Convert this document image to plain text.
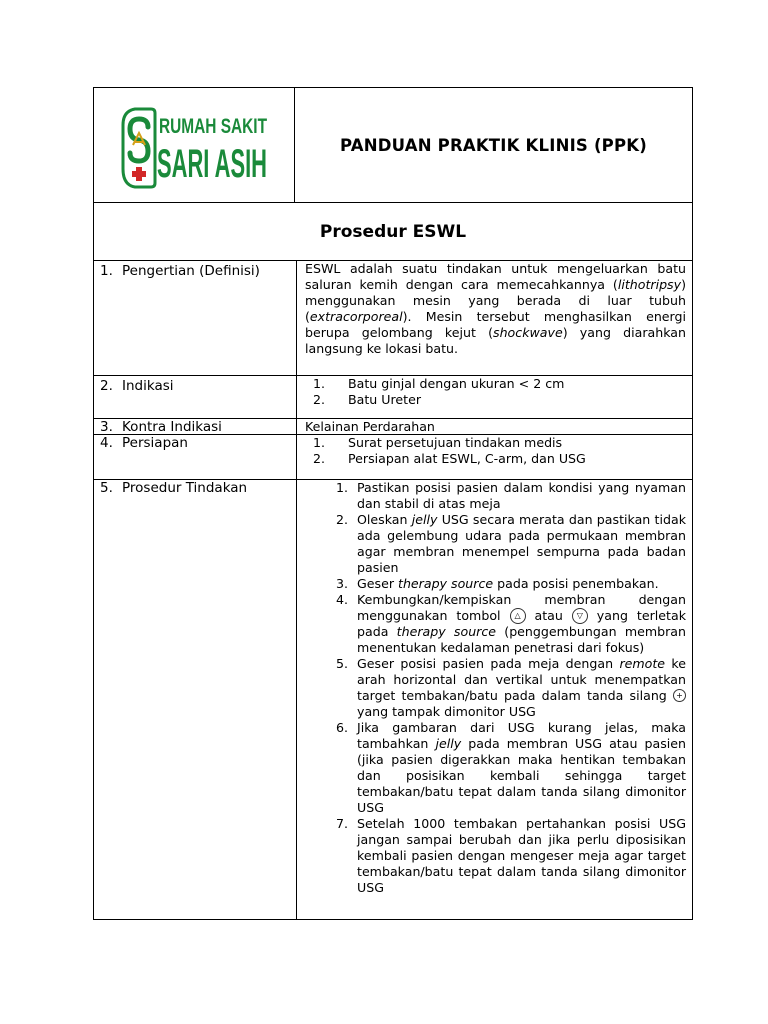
RUMAH SAKIT
SARI ASIH	PANDUAN PRAKTIK KLINIS (PPK)
Prosedur ESWL
1. Pengertian (Definisi)	ESWL adalah suatu tindakan untuk mengeluarkan batu saluran kemih dengan cara memecahkannya (lithotripsy) menggunakan mesin yang berada di luar tubuh (extracorporeal). Mesin tersebut menghasilkan energi berupa gelombang kejut (shockwave) yang diarahkan langsung ke lokasi batu.
2. Indikasi	1.	Batu ginjal dengan ukuran < 2 cm
2.	Batu Ureter
3. Kontra Indikasi	Kelainan Perdarahan
4. Persiapan	1.	Surat persetujuan tindakan medis
2.	Persiapan alat ESWL, C-arm, dan USG
5. Prosedur Tindakan	1. Pastikan posisi pasien dalam kondisi yang nyaman dan stabil di atas meja
2. Oleskan jelly USG secara merata dan pastikan tidak ada gelembung udara pada permukaan membran agar membran menempel sempurna pada badan pasien
3. Geser therapy source pada posisi penembakan.
4. Kembungkan/kempiskan membran dengan menggunakan tombol △ atau ▽ yang terletak pada therapy source (penggembungan membran menentukan kedalaman penetrasi dari fokus)
5. Geser posisi pasien pada meja dengan remote ke arah horizontal dan vertikal untuk menempatkan target tembakan/batu pada dalam tanda silang + yang tampak dimonitor USG
6. Jika gambaran dari USG kurang jelas, maka tambahkan jelly pada membran USG atau pasien (jika pasien digerakkan maka hentikan tembakan dan posisikan kembali sehingga target tembakan/batu tepat dalam tanda silang dimonitor USG
7. Setelah 1000 tembakan pertahankan posisi USG jangan sampai berubah dan jika perlu diposisikan kembali pasien dengan mengeser meja agar target tembakan/batu tepat dalam tanda silang dimonitor USG
